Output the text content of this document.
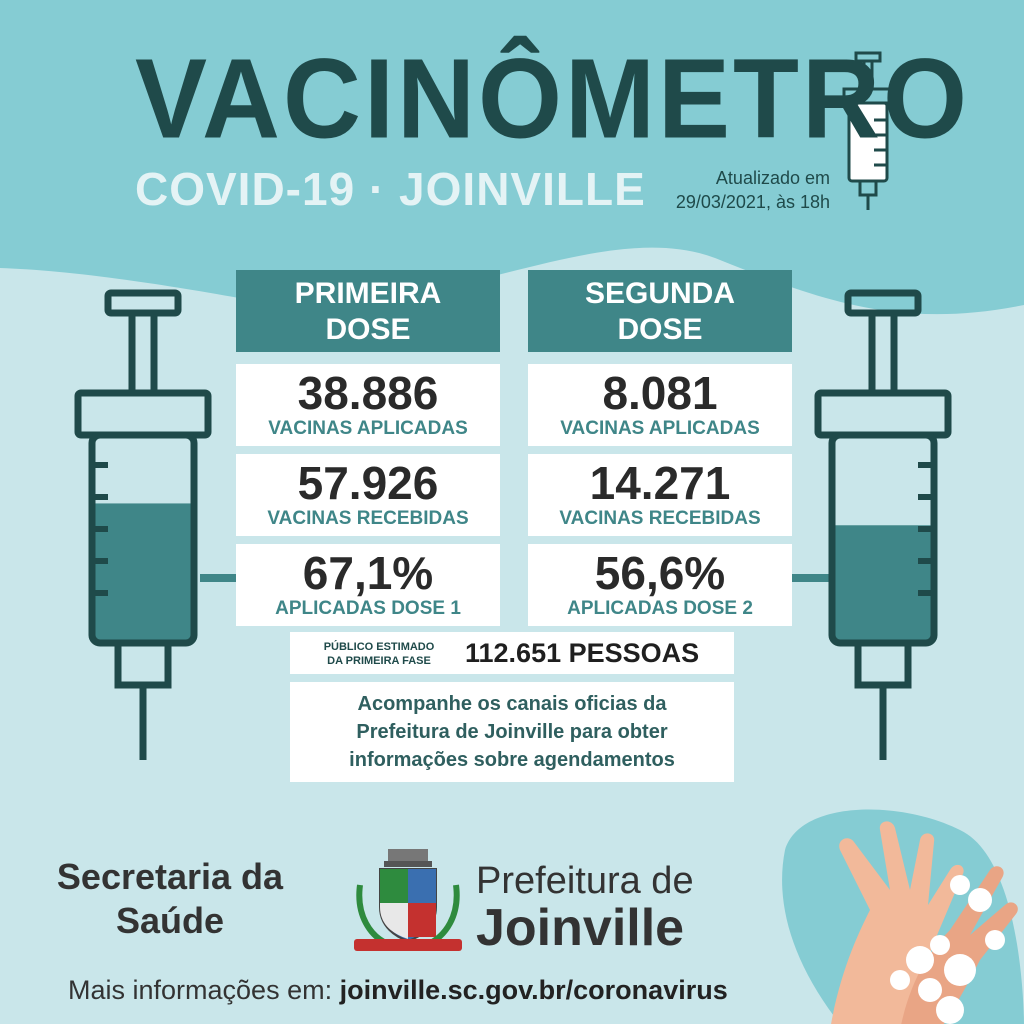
VACINÔMETRO
COVID-19 · JOINVILLE	Atualizado em
29/03/2021, às 18h
PRIMEIRA
DOSE
38.886
VACINAS APLICADAS
57.926
VACINAS RECEBIDAS
67,1%
APLICADAS DOSE 1
SEGUNDA
DOSE
8.081
VACINAS APLICADAS
14.271
VACINAS RECEBIDAS
56,6%
APLICADAS DOSE 2
PÚBLICO ESTIMADO
DA PRIMEIRA FASE	112.651 PESSOAS
Acompanhe os canais oficias da
Prefeitura de Joinville para obter
informações sobre agendamentos
Secretaria da
Saúde
Prefeitura de
Joinville
Mais informações em: joinville.sc.gov.br/coronavirus
